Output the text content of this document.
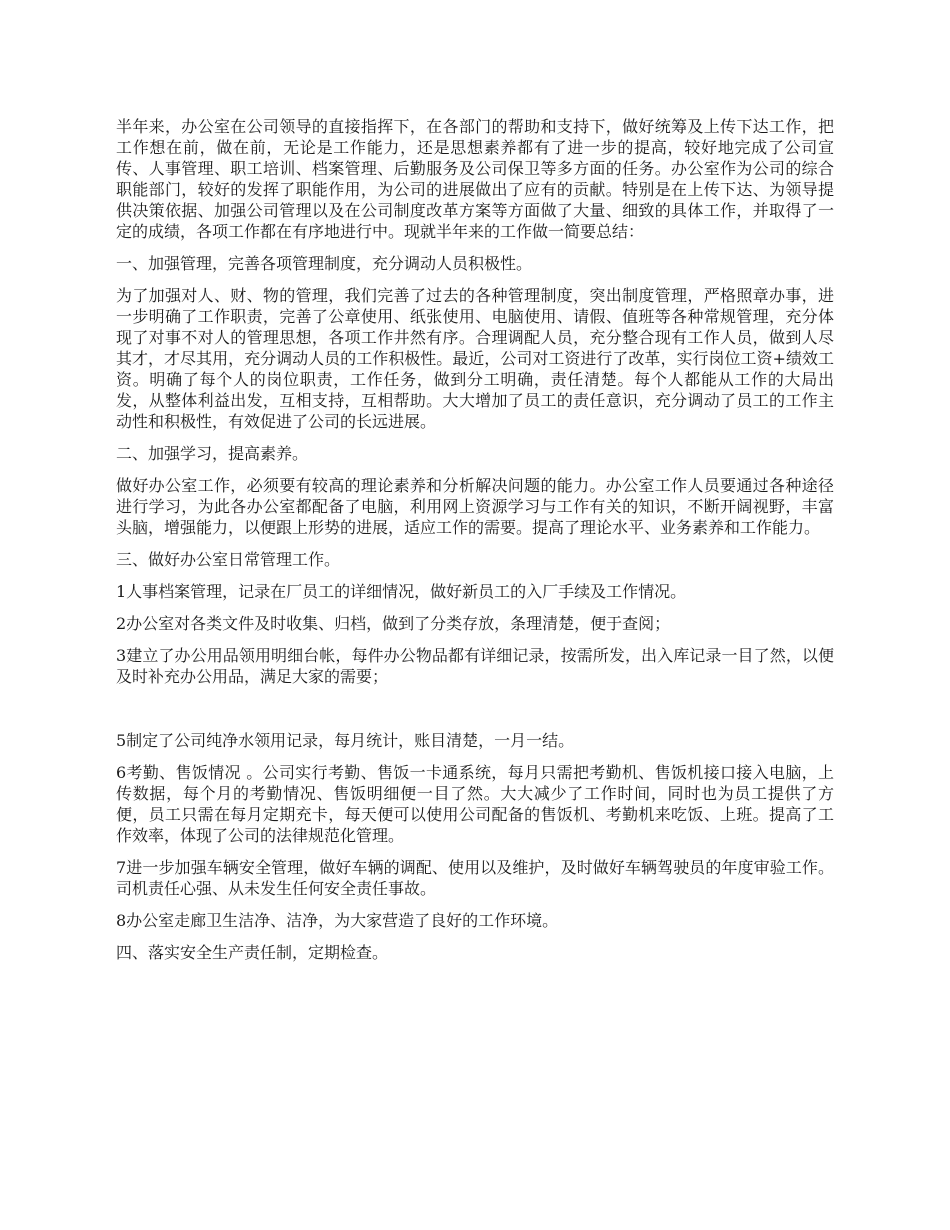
半年来，办公室在公司领导的直接指挥下，在各部门的帮助和支持下，做好统筹及上传下达工作，把工作想在前，做在前，无论是工作能力，还是思想素养都有了进一步的提高，较好地完成了公司宣传、人事管理、职工培训、档案管理、后勤服务及公司保卫等多方面的任务。办公室作为公司的综合职能部门，较好的发挥了职能作用，为公司的进展做出了应有的贡献。特别是在上传下达、为领导提供决策依据、加强公司管理以及在公司制度改革方案等方面做了大量、细致的具体工作，并取得了一定的成绩，各项工作都在有序地进行中。现就半年来的工作做一简要总结：

一、加强管理，完善各项管理制度，充分调动人员积极性。

为了加强对人、财、物的管理，我们完善了过去的各种管理制度，突出制度管理，严格照章办事，进一步明确了工作职责，完善了公章使用、纸张使用、电脑使用、请假、值班等各种常规管理，充分体现了对事不对人的管理思想，各项工作井然有序。合理调配人员，充分整合现有工作人员，做到人尽其才，才尽其用，充分调动人员的工作积极性。最近，公司对工资进行了改革，实行岗位工资+绩效工资。明确了每个人的岗位职责，工作任务，做到分工明确，责任清楚。每个人都能从工作的大局出发，从整体利益出发，互相支持，互相帮助。大大增加了员工的责任意识，充分调动了员工的工作主动性和积极性，有效促进了公司的长远进展。

二、加强学习，提高素养。

做好办公室工作，必须要有较高的理论素养和分析解决问题的能力。办公室工作人员要通过各种途径进行学习，为此各办公室都配备了电脑，利用网上资源学习与工作有关的知识，不断开阔视野，丰富头脑，增强能力，以便跟上形势的进展，适应工作的需要。提高了理论水平、业务素养和工作能力。

三、做好办公室日常管理工作。

1人事档案管理，记录在厂员工的详细情况，做好新员工的入厂手续及工作情况。

2办公室对各类文件及时收集、归档，做到了分类存放，条理清楚，便于查阅；

3建立了办公用品领用明细台帐，每件办公物品都有详细记录，按需所发，出入库记录一目了然，以便及时补充办公用品，满足大家的需要；

5制定了公司纯净水领用记录，每月统计，账目清楚，一月一结。

6考勤、售饭情况 。公司实行考勤、售饭一卡通系统，每月只需把考勤机、售饭机接口接入电脑，上传数据，每个月的考勤情况、售饭明细便一目了然。大大减少了工作时间，同时也为员工提供了方便，员工只需在每月定期充卡，每天便可以使用公司配备的售饭机、考勤机来吃饭、上班。提高了工作效率，体现了公司的法律规范化管理。

7进一步加强车辆安全管理，做好车辆的调配、使用以及维护，及时做好车辆驾驶员的年度审验工作。司机责任心强、从未发生任何安全责任事故。

8办公室走廊卫生洁净、洁净，为大家营造了良好的工作环境。

四、落实安全生产责任制，定期检查。
